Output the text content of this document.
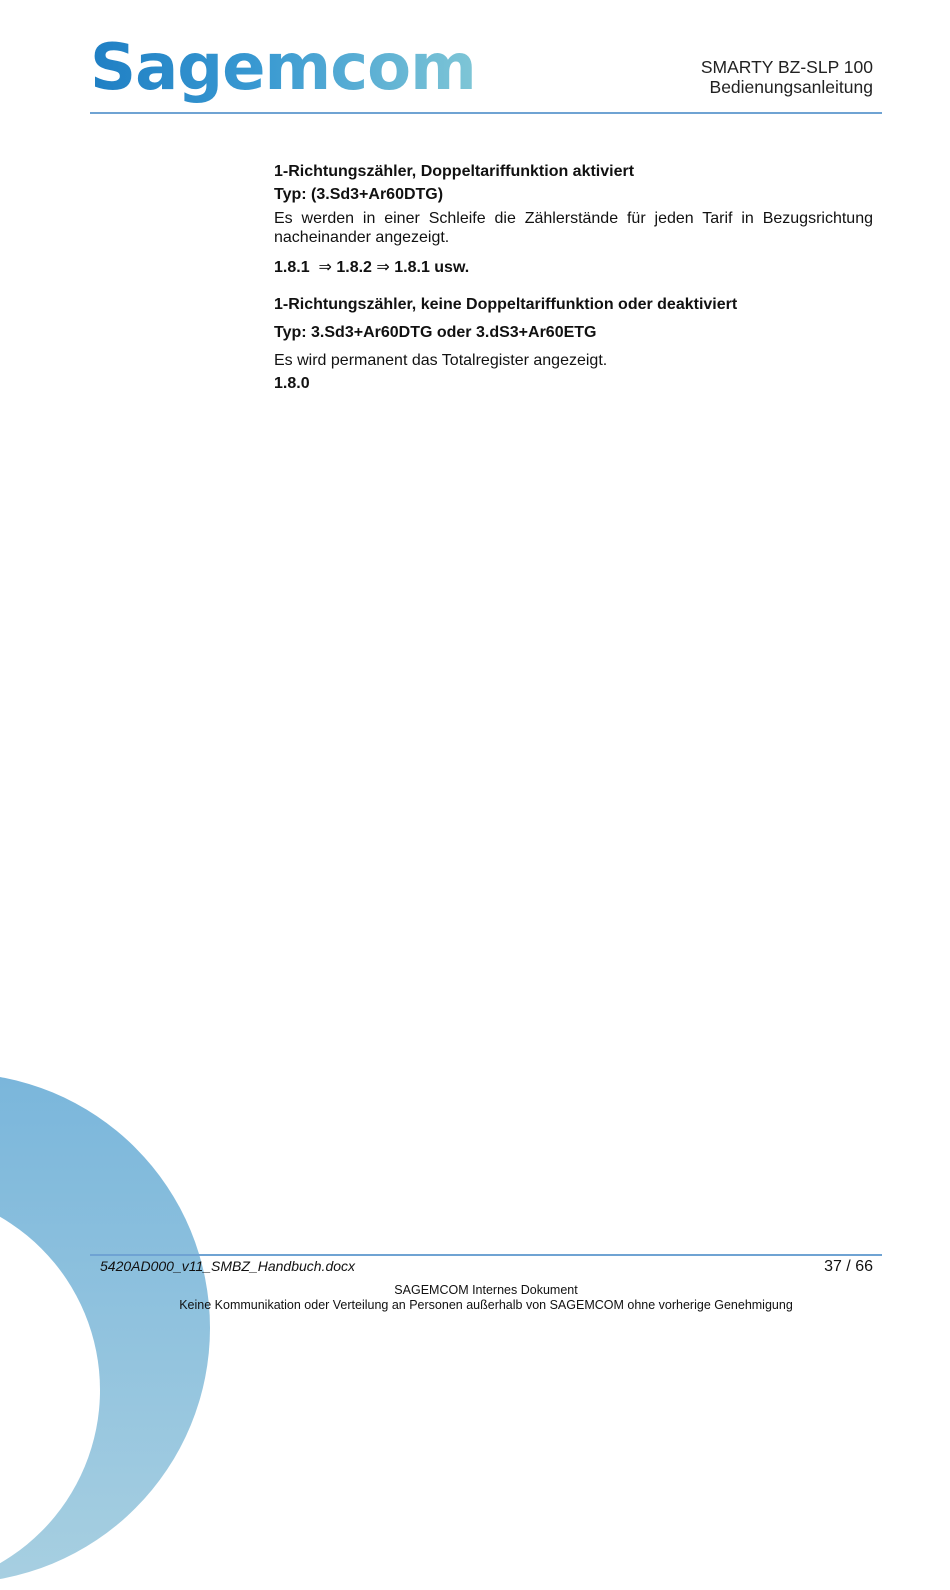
Sagemcom	SMARTY BZ-SLP 100
Bedienungsanleitung

1-Richtungszähler, Doppeltariffunktion aktiviert

Typ: (3.Sd3+Ar60DTG)

Es werden in einer Schleife die Zählerstände für jeden Tarif in Bezugsrichtung nacheinander angezeigt.

1.8.1 ⇒ 1.8.2 ⇒ 1.8.1 usw.

1-Richtungszähler, keine Doppeltariffunktion oder deaktiviert

Typ: 3.Sd3+Ar60DTG oder 3.dS3+Ar60ETG

Es wird permanent das Totalregister angezeigt.

1.8.0

5420AD000_v11_SMBZ_Handbuch.docx	37 / 66
SAGEMCOM Internes Dokument
Keine Kommunikation oder Verteilung an Personen außerhalb von SAGEMCOM ohne vorherige Genehmigung
